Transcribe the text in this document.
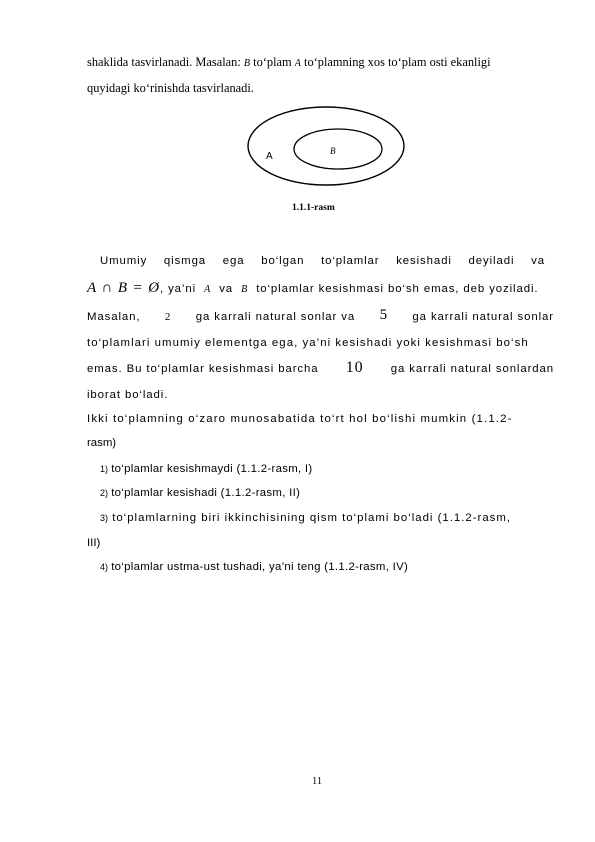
shaklida tasvirlanadi. Masalan: B to‘plam A to‘plamning xos to‘plam osti ekanligi
quyidagi ko‘rinishda tasvirlanadi.
A	B
1.1.1-rasm
Umumiy qismga ega bo‘lgan to‘plamlar kesishadi deyiladi va
A ∩ B = Ø, ya’ni A va B to‘plamlar kesishmasi bo‘sh emas, deb yoziladi.
Masalan, 2 ga karrali natural sonlar va 5 ga karrali natural sonlar
to‘plamlari umumiy elementga ega, ya’ni kesishadi yoki kesishmasi bo‘sh
emas. Bu to‘plamlar kesishmasi barcha 10 ga karrali natural sonlardan
iborat bo‘ladi.
Ikki to‘plamning o‘zaro munosabatida to‘rt hol bo‘lishi mumkin (1.1.2-
rasm)
1) to‘plamlar kesishmaydi (1.1.2-rasm, I)
2) to‘plamlar kesishadi (1.1.2-rasm, II)
3) to‘plamlarning biri ikkinchisining qism to‘plami bo‘ladi (1.1.2-rasm,
III)
4) to‘plamlar ustma-ust tushadi, ya’ni teng (1.1.2-rasm, IV)
11
